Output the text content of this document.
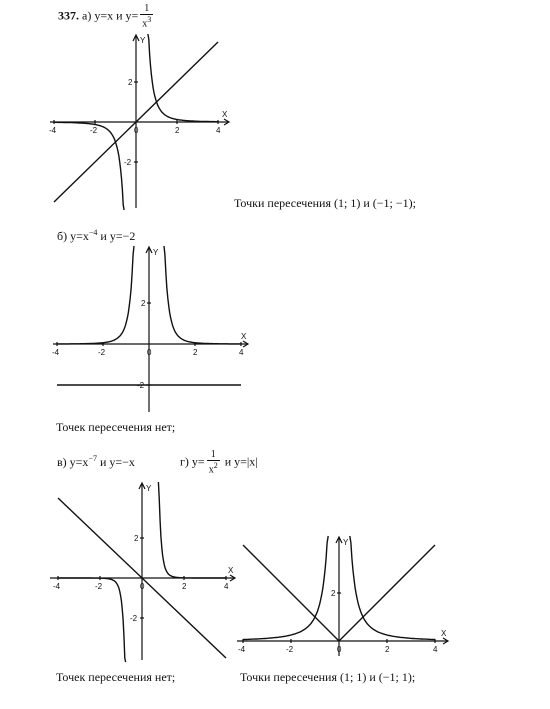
337. а) y=x и $y= \frac{1}{x^3}$
X
Y
-4	-2	0	2	4
2
-2
Точки пересечения (1; 1) и (−1; −1);
б) $y=x^{-4}$ и y=−2
X
Y
-4	-2	0	2	4
2
-2
Точек пересечения нет;
в) $y=x^{-7}$ и y=−x	г) $y= \frac{1}{x^2}$ и y=|x|
X
Y
-4	-2	0	2	4
2
-2
Точек пересечения нет;
X
Y
-4	-2	0	2	4
2
Точки пересечения (1; 1) и (−1; 1);
